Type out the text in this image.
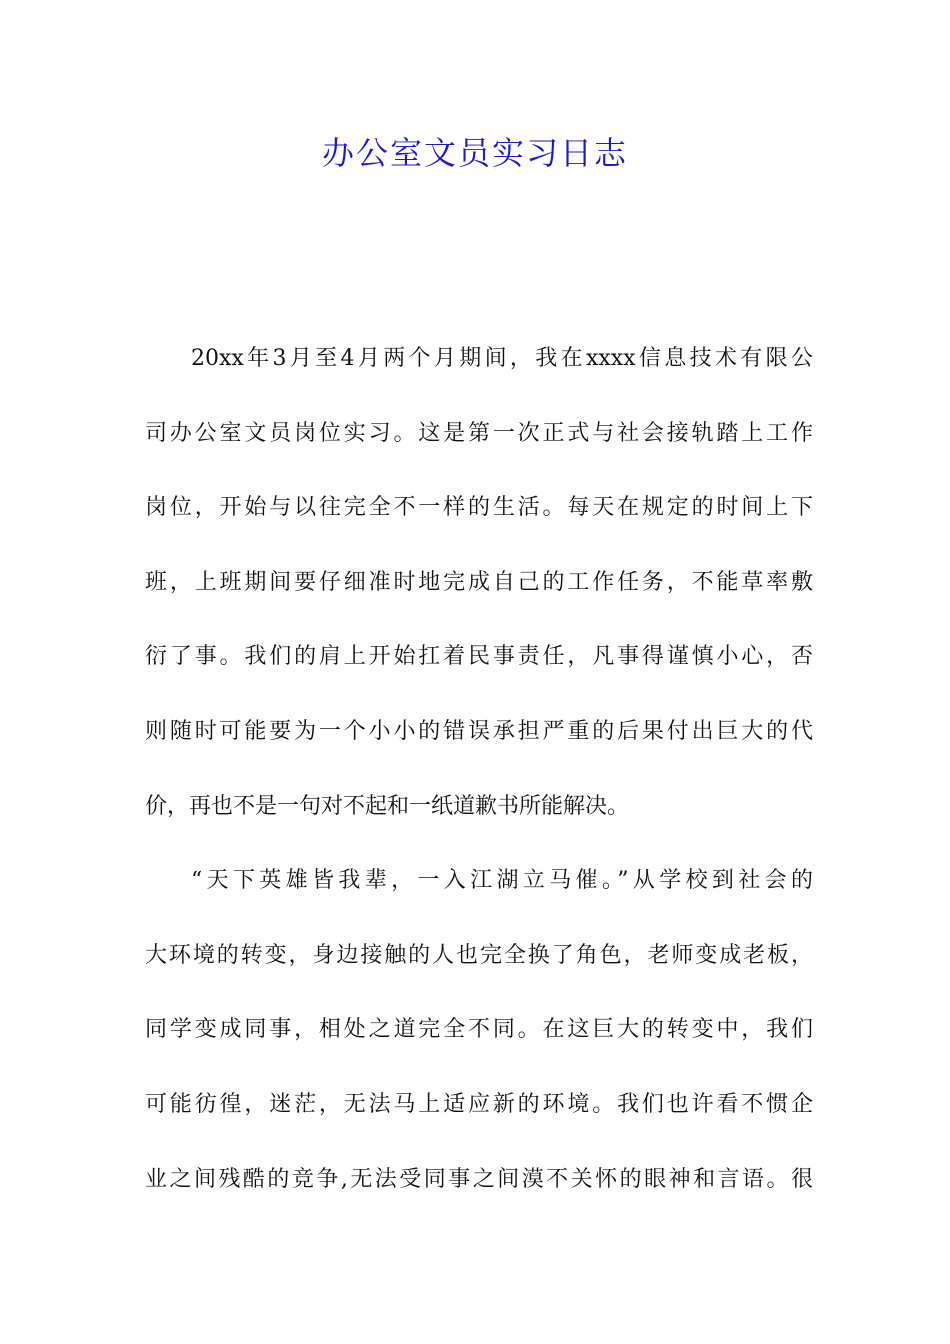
办公室文员实习日志
20xx年3月至4月两个月期间，我在xxxx信息技术有限公
司办公室文员岗位实习。这是第一次正式与社会接轨踏上工作
岗位，开始与以往完全不一样的生活。每天在规定的时间上下
班，上班期间要仔细准时地完成自己的工作任务，不能草率敷
衍了事。我们的肩上开始扛着民事责任，凡事得谨慎小心，否
则随时可能要为一个小小的错误承担严重的后果付出巨大的代
价，再也不是一句对不起和一纸道歉书所能解决。
“天下英雄皆我辈，一入江湖立马催。”从学校到社会的
大环境的转变，身边接触的人也完全换了角色，老师变成老板，
同学变成同事，相处之道完全不同。在这巨大的转变中，我们
可能彷徨，迷茫，无法马上适应新的环境。我们也许看不惯企
业之间残酷的竞争,无法受同事之间漠不关怀的眼神和言语。很
